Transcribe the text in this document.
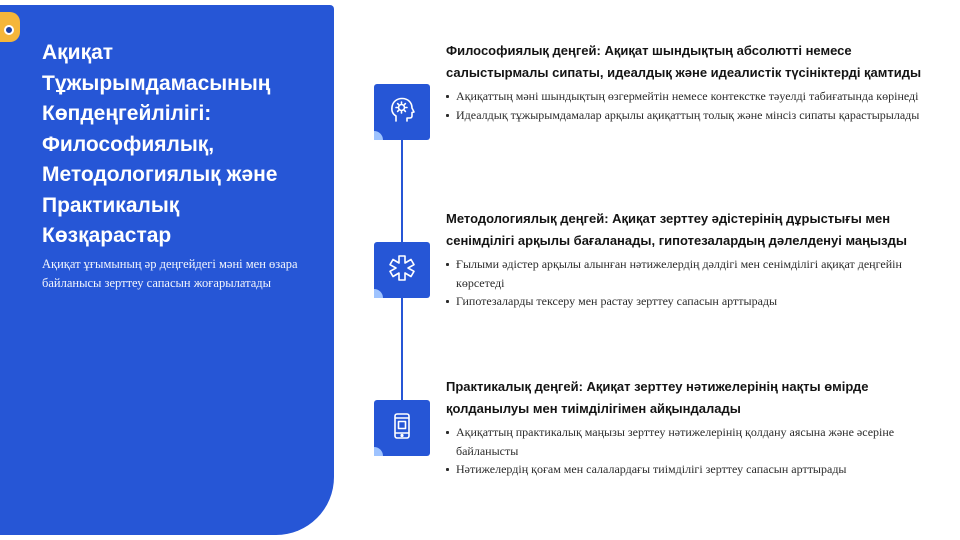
Ақиқат Тұжырымдамасының Көпдеңгейлілігі: Философиялық, Методологиялық және Практикалық Көзқарастар

Ақиқат ұғымының әр деңгейдегі мәні мен өзара байланысы зерттеу сапасын жоғарылатады

Философиялық деңгей: Ақиқат шындықтың абсолютті немесе салыстырмалы сипаты, идеалдық және идеалистік түсініктерді қамтиды
Ақиқаттың мәні шындықтың өзгермейтін немесе контекстке тәуелді табиғатында көрінеді
Идеалдық тұжырымдамалар арқылы ақиқаттың толық және мінсіз сипаты қарастырылады
Методологиялық деңгей: Ақиқат зерттеу әдістерінің дұрыстығы мен сенімділігі арқылы бағаланады, гипотезалардың дәлелденуі маңызды
Ғылыми әдістер арқылы алынған нәтижелердің дәлдігі мен сенімділігі ақиқат деңгейін көрсетеді
Гипотезаларды тексеру мен растау зерттеу сапасын арттырады
Практикалық деңгей: Ақиқат зерттеу нәтижелерінің нақты өмірде қолданылуы мен тиімділігімен айқындалады
Ақиқаттың практикалық маңызы зерттеу нәтижелерінің қолдану аясына және әсеріне байланысты
Нәтижелердің қоғам мен салалардағы тиімділігі зерттеу сапасын арттырады
